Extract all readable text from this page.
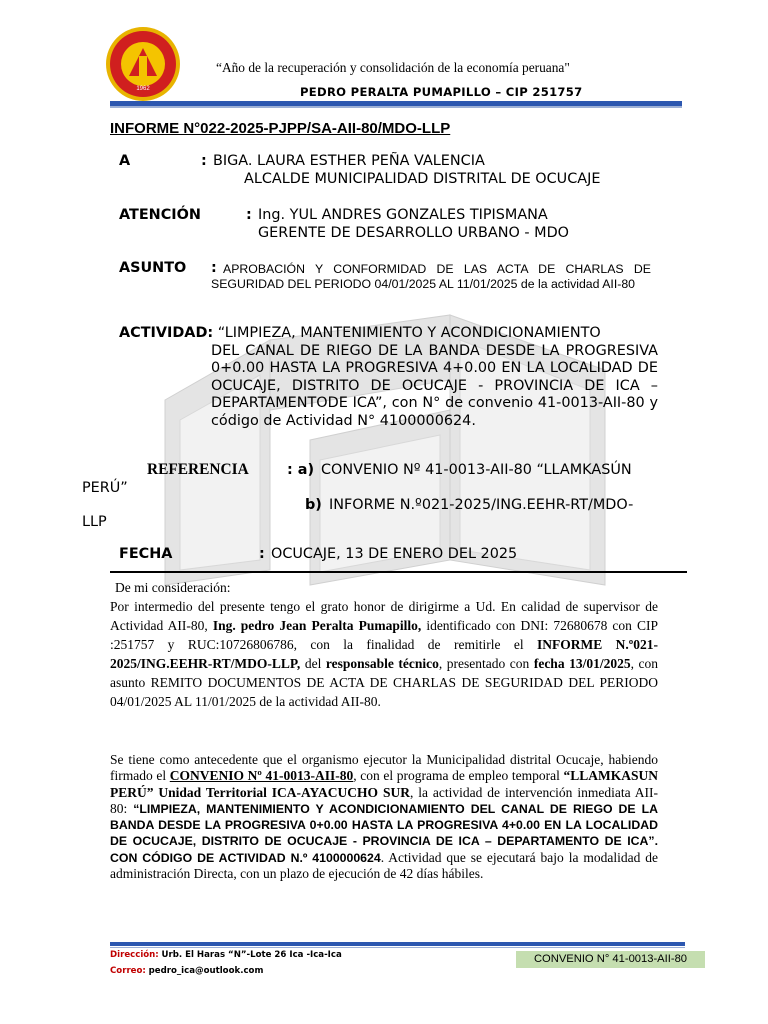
1962
“Año de la recuperación y consolidación de la economía peruana"
PEDRO PERALTA PUMAPILLO – CIP 251757
INFORME N°022-2025-PJPP/SA-AII-80/MDO-LLP
A	: BIGA. LAURA ESTHER PEÑA VALENCIA
ALCALDE MUNICIPALIDAD DISTRITAL DE OCUCAJE
ATENCIÓN	: Ing. YUL ANDRES GONZALES TIPISMANA
GERENTE DE DESARROLLO URBANO - MDO
ASUNTO : APROBACIÓN Y CONFORMIDAD DE LAS ACTA DE CHARLAS DE SEGURIDAD DEL PERIODO 04/01/2025 AL 11/01/2025 de la actividad AII-80
ACTIVIDAD: “LIMPIEZA, MANTENIMIENTO Y ACONDICIONAMIENTO
DEL CANAL DE RIEGO DE LA BANDA DESDE LA PROGRESIVA 0+0.00 HASTA LA PROGRESIVA 4+0.00 EN LA LOCALIDAD DE OCUCAJE, DISTRITO DE OCUCAJE - PROVINCIA DE ICA – DEPARTAMENTODE ICA”, con N° de convenio 41-0013-AII-80 y código de Actividad N° 4100000624.
REFERENCIA	: a) CONVENIO Nº 41-0013-AII-80 “LLAMKASÚN
PERÚ”
b) INFORME N.º021-2025/ING.EEHR-RT/MDO-
LLP
FECHA	: OCUCAJE, 13 DE ENERO DEL 2025
De mi consideración:
Por intermedio del presente tengo el grato honor de dirigirme a Ud. En calidad de supervisor de Actividad AII-80, Ing. pedro Jean Peralta Pumapillo, identificado con DNI: 72680678 con CIP :251757 y RUC:10726806786, con la finalidad de remitirle el INFORME N.º021-2025/ING.EEHR-RT/MDO-LLP, del responsable técnico, presentado con fecha 13/01/2025, con asunto REMITO DOCUMENTOS DE ACTA DE CHARLAS DE SEGURIDAD DEL PERIODO 04/01/2025 AL 11/01/2025 de la actividad AII-80.
Se tiene como antecedente que el organismo ejecutor la Municipalidad distrital Ocucaje, habiendo firmado el CONVENIO Nº 41-0013-AII-80, con el programa de empleo temporal “LLAMKASUN PERÚ” Unidad Territorial ICA-AYACUCHO SUR, la actividad de intervención inmediata AII-80: “LIMPIEZA, MANTENIMIENTO Y ACONDICIONAMIENTO DEL CANAL DE RIEGO DE LA BANDA DESDE LA PROGRESIVA 0+0.00 HASTA LA PROGRESIVA 4+0.00 EN LA LOCALIDAD DE OCUCAJE, DISTRITO DE OCUCAJE - PROVINCIA DE ICA – DEPARTAMENTO DE ICA”. CON CÓDIGO DE ACTIVIDAD N.º 4100000624. Actividad que se ejecutará bajo la modalidad de administración Directa, con un plazo de ejecución de 42 días hábiles.
Dirección: Urb. El Haras “N”-Lote 26 Ica -Ica-Ica
Correo: pedro_ica@outlook.com
CONVENIO N° 41-0013-AII-80
